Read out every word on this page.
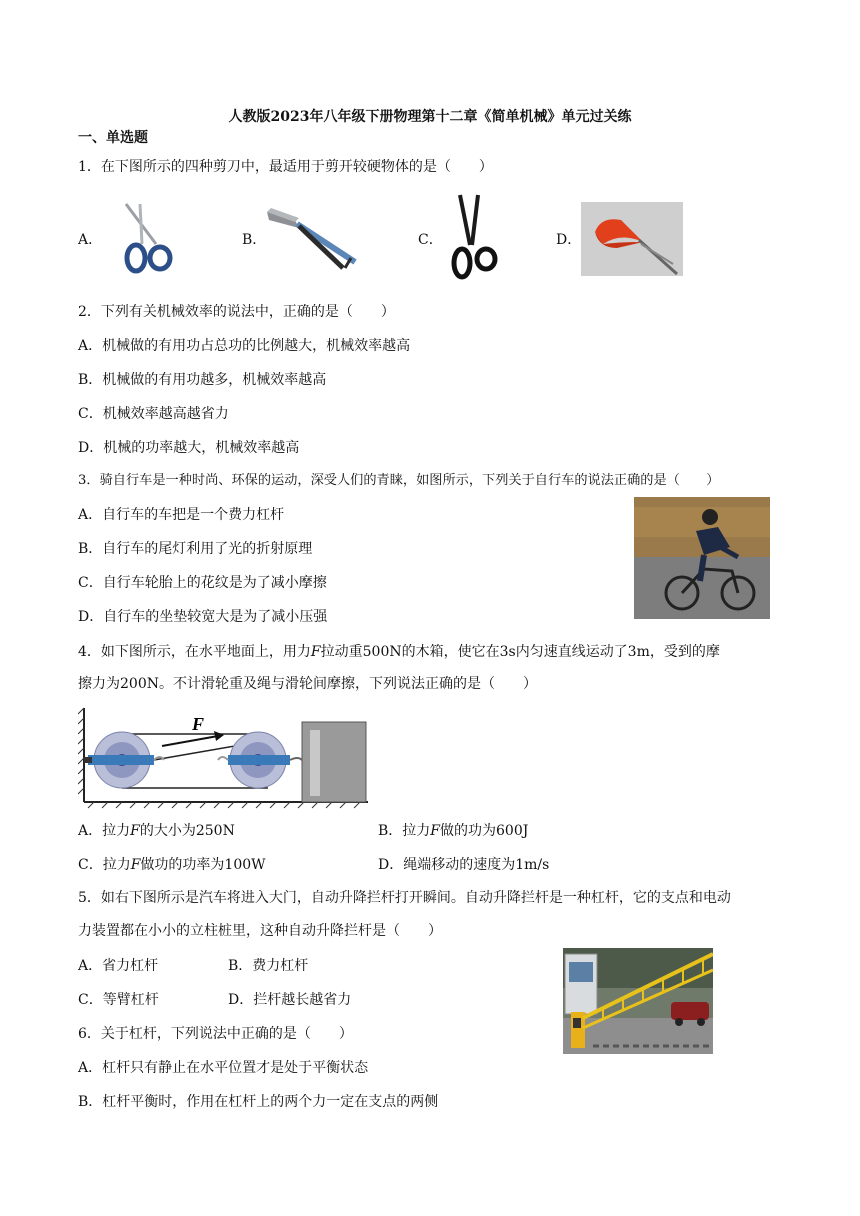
人教版2023年八年级下册物理第十二章《简单机械》单元过关练
一、单选题
1．在下图所示的四种剪刀中，最适用于剪开较硬物体的是（　　）
A．	B．	C．	D．
2．下列有关机械效率的说法中，正确的是（　　）
A．机械做的有用功占总功的比例越大，机械效率越高
B．机械做的有用功越多，机械效率越高
C．机械效率越高越省力
D．机械的功率越大，机械效率越高
3．骑自行车是一种时尚、环保的运动，深受人们的青睐，如图所示，下列关于自行车的说法正确的是（　　）
A．自行车的车把是一个费力杠杆
B．自行车的尾灯利用了光的折射原理
C．自行车轮胎上的花纹是为了减小摩擦
D．自行车的坐垫较宽大是为了减小压强
4．如下图所示，在水平地面上，用力F拉动重500N的木箱，使它在3s内匀速直线运动了3m，受到的摩
擦力为200N。不计滑轮重及绳与滑轮间摩擦，下列说法正确的是（　　）
F
A．拉力F的大小为250N	B．拉力F做的功为600J
C．拉力F做功的功率为100W	D．绳端移动的速度为1m/s
5．如右下图所示是汽车将进入大门，自动升降拦杆打开瞬间。自动升降拦杆是一种杠杆，它的支点和电动
力装置都在小小的立柱桩里，这种自动升降拦杆是（　　）
A．省力杠杆	B．费力杠杆
C．等臂杠杆	D．拦杆越长越省力
6．关于杠杆，下列说法中正确的是（　　）
A．杠杆只有静止在水平位置才是处于平衡状态
B．杠杆平衡时，作用在杠杆上的两个力一定在支点的两侧
